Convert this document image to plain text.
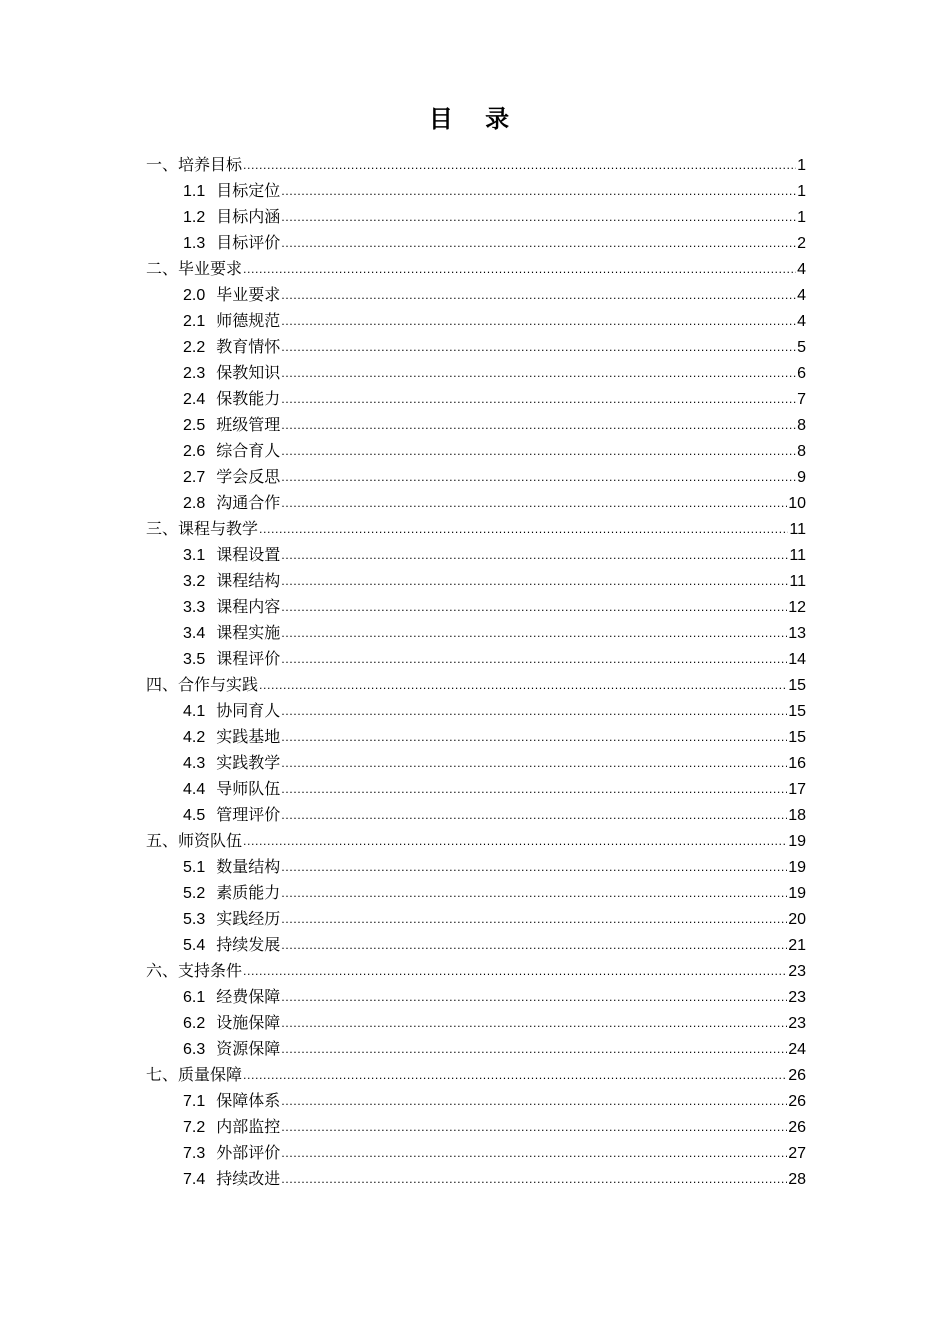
目 录
一、培养目标 .....	1
1.1 目标定位 .....	1
1.2 目标内涵 .....	1
1.3 目标评价 .....	2
二、毕业要求 .....	4
2.0 毕业要求 .....	4
2.1 师德规范 .....	4
2.2 教育情怀 .....	5
2.3 保教知识 .....	6
2.4 保教能力 .....	7
2.5 班级管理 .....	8
2.6 综合育人 .....	8
2.7 学会反思 .....	9
2.8 沟通合作 .....	10
三、课程与教学 .....	11
3.1 课程设置 .....	11
3.2 课程结构 .....	11
3.3 课程内容 .....	12
3.4 课程实施 .....	13
3.5 课程评价 .....	14
四、合作与实践 .....	15
4.1 协同育人 .....	15
4.2 实践基地 .....	15
4.3 实践教学 .....	16
4.4 导师队伍 .....	17
4.5 管理评价 .....	18
五、师资队伍 .....	19
5.1 数量结构 .....	19
5.2 素质能力 .....	19
5.3 实践经历 .....	20
5.4 持续发展 .....	21
六、支持条件 .....	23
6.1 经费保障 .....	23
6.2 设施保障 .....	23
6.3 资源保障 .....	24
七、质量保障 .....	26
7.1 保障体系 .....	26
7.2 内部监控 .....	26
7.3 外部评价 .....	27
7.4 持续改进 .....	28
